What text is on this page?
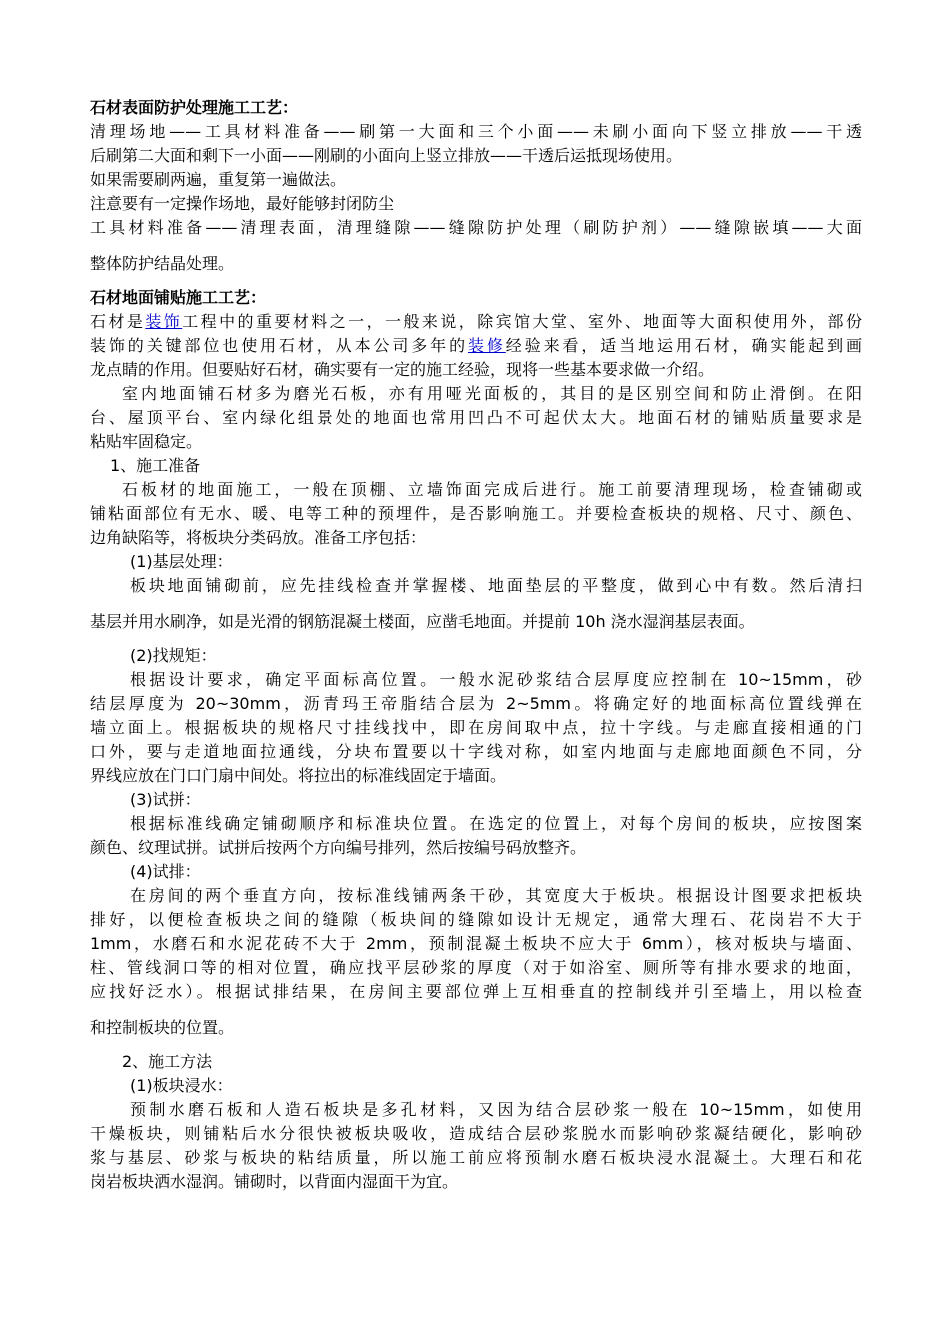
石材表面防护处理施工工艺：
清理场地——工具材料准备——刷第一大面和三个小面——未刷小面向下竖立排放——干透
后刷第二大面和剩下一小面——刚刷的小面向上竖立排放——干透后运抵现场使用。
如果需要刷两遍，重复第一遍做法。
注意要有一定操作场地，最好能够封闭防尘
工具材料准备——清理表面，清理缝隙——缝隙防护处理（刷防护剂）——缝隙嵌填——大面
整体防护结晶处理。
石材地面铺贴施工工艺：
石材是装饰工程中的重要材料之一，一般来说，除宾馆大堂、室外、地面等大面积使用外，部份
装饰的关键部位也使用石材，从本公司多年的装修经验来看，适当地运用石材，确实能起到画
龙点睛的作用。但要贴好石材，确实要有一定的施工经验，现将一些基本要求做一介绍。
室内地面铺石材多为磨光石板，亦有用哑光面板的，其目的是区别空间和防止滑倒。在阳
台、屋顶平台、室内绿化组景处的地面也常用凹凸不可起伏太大。地面石材的铺贴质量要求是
粘贴牢固稳定。
1、施工准备
石板材的地面施工，一般在顶棚、立墙饰面完成后进行。施工前要清理现场，检查铺砌或
铺粘面部位有无水、暖、电等工种的预埋件，是否影响施工。并要检查板块的规格、尺寸、颜色、
边角缺陷等，将板块分类码放。准备工序包括：
(1)基层处理：
板块地面铺砌前，应先挂线检查并掌握楼、地面垫层的平整度，做到心中有数。然后清扫
基层并用水刷净，如是光滑的钢筋混凝土楼面，应凿毛地面。并提前 10h 浇水湿润基层表面。
(2)找规矩：
根据设计要求，确定平面标高位置。一般水泥砂浆结合层厚度应控制在 10~15mm，砂
结层厚度为 20~30mm，沥青玛王帝脂结合层为 2~5mm。将确定好的地面标高位置线弹在
墙立面上。根据板块的规格尺寸挂线找中，即在房间取中点，拉十字线。与走廊直接相通的门
口外，要与走道地面拉通线，分块布置要以十字线对称，如室内地面与走廊地面颜色不同，分
界线应放在门口门扇中间处。将拉出的标准线固定于墙面。
(3)试拼：
根据标准线确定铺砌顺序和标准块位置。在选定的位置上，对每个房间的板块，应按图案
颜色、纹理试拼。试拼后按两个方向编号排列，然后按编号码放整齐。
(4)试排：
在房间的两个垂直方向，按标准线铺两条干砂，其宽度大于板块。根据设计图要求把板块
排好，以便检查板块之间的缝隙（板块间的缝隙如设计无规定，通常大理石、花岗岩不大于
1mm，水磨石和水泥花砖不大于 2mm，预制混凝土板块不应大于 6mm），核对板块与墙面、
柱、管线洞口等的相对位置，确应找平层砂浆的厚度（对于如浴室、厕所等有排水要求的地面，
应找好泛水）。根据试排结果，在房间主要部位弹上互相垂直的控制线并引至墙上，用以检查
和控制板块的位置。
2、施工方法
(1)板块浸水：
预制水磨石板和人造石板块是多孔材料，又因为结合层砂浆一般在 10~15mm，如使用
干燥板块，则铺粘后水分很快被板块吸收，造成结合层砂浆脱水而影响砂浆凝结硬化，影响砂
浆与基层、砂浆与板块的粘结质量，所以施工前应将预制水磨石板块浸水混凝土。大理石和花
岗岩板块洒水湿润。铺砌时，以背面内湿面干为宜。
